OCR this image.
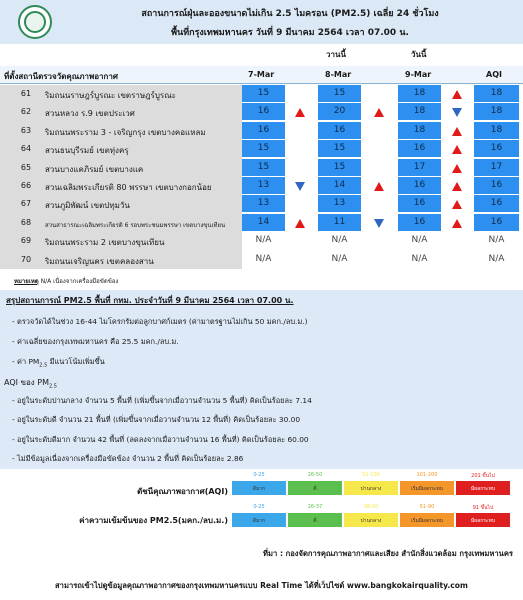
สถานการณ์ฝุ่นละอองขนาดไม่เกิน 2.5 ไมครอน (PM2.5) เฉลี่ย 24 ชั่วโมง
พื้นที่กรุงเทพมหานคร วันที่ 9 มีนาคม 2564 เวลา 07.00 น.
วานนี้	วันนี้
ที่ตั้งสถานีตรวจวัดคุณภาพอากาศ	7-Mar	8-Mar	9-Mar	AQI
61	ริมถนนราษฎร์บูรณะ เขตราษฎร์บูรณะ	15	15	18	18
62	สวนหลวง ร.9 เขตประเวศ	16	20	18	18
63	ริมถนนพระราม 3 - เจริญกรุง เขตบางคอแหลม	16	16	18	18
64	สวนธนบุรีรมย์ เขตทุ่งครุ	15	15	16	16
65	สวนบางแคภิรมย์ เขตบางแค	15	15	17	17
66	สวนเฉลิมพระเกียรติ 80 พรรษา เขตบางกอกน้อย	13	14	16	16
67	สวนภูมิพัฒน์ เขตปทุมวัน	13	13	16	16
68	สวนสาธารณะเฉลิมพระเกียรติ 6 รอบพระชนมพรรษา เขตบางขุนเทียน	14	11	16	16
69	ริมถนนพระราม 2 เขตบางขุนเทียน	N/A	N/A	N/A	N/A
70	ริมถนนเจริญนคร เขตคลองสาน	N/A	N/A	N/A	N/A
หมายเหตุ N/A เนื่องจากเครื่องมือขัดข้อง
สรุปสถานการณ์ PM2.5 พื้นที่ กทม. ประจำวันที่ 9 มีนาคม 2564 เวลา 07.00 น.
- ตรวจวัดได้ในช่วง 16-44 ไมโครกรัมต่อลูกบาศก์เมตร (ค่ามาตรฐานไม่เกิน 50 มคก./ลบ.ม.)
- ค่าเฉลี่ยของกรุงเทพมหานคร คือ 25.5 มคก./ลบ.ม.
- ค่า $PM_{2.5}$ มีแนวโน้มเพิ่มขึ้น
AQI ของ $PM_{2.5}$
- อยู่ในระดับปานกลาง จำนวน 5 พื้นที่ (เพิ่มขึ้นจากเมื่อวานจำนวน 5 พื้นที่) คิดเป็นร้อยละ 7.14
- อยู่ในระดับดี จำนวน 21 พื้นที่ (เพิ่มขึ้นจากเมื่อวานจำนวน 12 พื้นที่) คิดเป็นร้อยละ 30.00
- อยู่ในระดับดีมาก จำนวน 42 พื้นที่ (ลดลงจากเมื่อวานจำนวน 16 พื้นที่) คิดเป็นร้อยละ 60.00
- ไม่มีข้อมูลเนื่องจากเครื่องมือขัดข้อง จำนวน 2 พื้นที่ คิดเป็นร้อยละ 2.86
ดัชนีคุณภาพอากาศ(AQI)
ค่าความเข้มข้นของ PM2.5(มคก./ลบ.ม.)
0-25
ดีมาก
26-50
ดี
51-100
ปานกลาง
101-200
เริ่มมีผลกระทบ
201 ขึ้นไป
มีผลกระทบ
0-25
ดีมาก
26-37
ดี
38-50
ปานกลาง
51-90
เริ่มมีผลกระทบ
91 ขึ้นไป
มีผลกระทบ
ที่มา : กองจัดการคุณภาพอากาศและเสียง สำนักสิ่งแวดล้อม กรุงเทพมหานคร
สามารถเข้าไปดูข้อมูลคุณภาพอากาศของกรุงเทพมหานครแบบ Real Time ได้ที่เว็ปไซต์ www.bangkokairquality.com
